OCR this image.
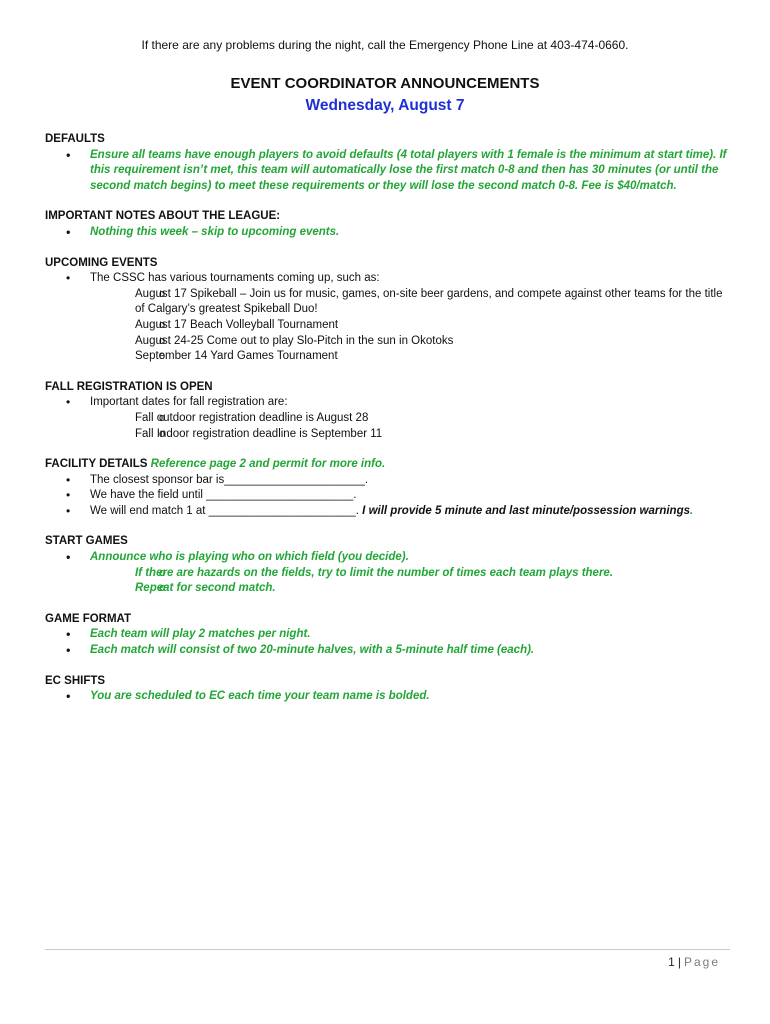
If there are any problems during the night, call the Emergency Phone Line at 403-474-0660.
EVENT COORDINATOR ANNOUNCEMENTS
Wednesday, August 7
DEFAULTS
• Ensure all teams have enough players to avoid defaults (4 total players with 1 female is the minimum at start time). If this requirement isn’t met, this team will automatically lose the first match 0-8 and then has 30 minutes (or until the second match begins) to meet these requirements or they will lose the second match 0-8. Fee is $40/match.
IMPORTANT NOTES ABOUT THE LEAGUE:
• Nothing this week – skip to upcoming events.
UPCOMING EVENTS
• The CSSC has various tournaments coming up, such as:
o August 17 Spikeball – Join us for music, games, on-site beer gardens, and compete against other teams for the title of Calgary’s greatest Spikeball Duo!
o August 17 Beach Volleyball Tournament
o August 24-25 Come out to play Slo-Pitch in the sun in Okotoks
o September 14 Yard Games Tournament
FALL REGISTRATION IS OPEN
• Important dates for fall registration are:
o Fall outdoor registration deadline is August 28
o Fall Indoor registration deadline is September 11
FACILITY DETAILS Reference page 2 and permit for more info.
• The closest sponsor bar is______________________.
• We have the field until _______________________.
• We will end match 1 at _______________________. I will provide 5 minute and last minute/possession warnings.
START GAMES
• Announce who is playing who on which field (you decide).
o If there are hazards on the fields, try to limit the number of times each team plays there.
o Repeat for second match.
GAME FORMAT
• Each team will play 2 matches per night.
• Each match will consist of two 20-minute halves, with a 5-minute half time (each).
EC SHIFTS
• You are scheduled to EC each time your team name is bolded.
1 | Page
